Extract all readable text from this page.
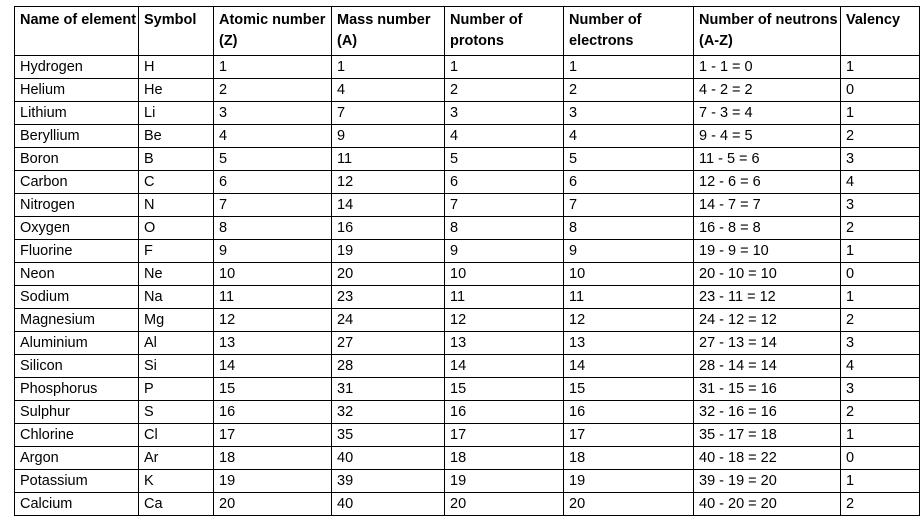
Name of element	Symbol	Atomic number (Z)	Mass number (A)	Number of protons	Number of electrons	Number of neutrons (A-Z)	Valency
Hydrogen	H	1	1	1	1	1 - 1 = 0	1
Helium	He	2	4	2	2	4 - 2 = 2	0
Lithium	Li	3	7	3	3	7 - 3 = 4	1
Beryllium	Be	4	9	4	4	9 - 4 = 5	2
Boron	B	5	11	5	5	11 - 5 = 6	3
Carbon	C	6	12	6	6	12 - 6 = 6	4
Nitrogen	N	7	14	7	7	14 - 7 = 7	3
Oxygen	O	8	16	8	8	16 - 8 = 8	2
Fluorine	F	9	19	9	9	19 - 9 = 10	1
Neon	Ne	10	20	10	10	20 - 10 = 10	0
Sodium	Na	11	23	11	11	23 - 11 = 12	1
Magnesium	Mg	12	24	12	12	24 - 12 = 12	2
Aluminium	Al	13	27	13	13	27 - 13 = 14	3
Silicon	Si	14	28	14	14	28 - 14 = 14	4
Phosphorus	P	15	31	15	15	31 - 15 = 16	3
Sulphur	S	16	32	16	16	32 - 16 = 16	2
Chlorine	Cl	17	35	17	17	35 - 17 = 18	1
Argon	Ar	18	40	18	18	40 - 18 = 22	0
Potassium	K	19	39	19	19	39 - 19 = 20	1
Calcium	Ca	20	40	20	20	40 - 20 = 20	2
